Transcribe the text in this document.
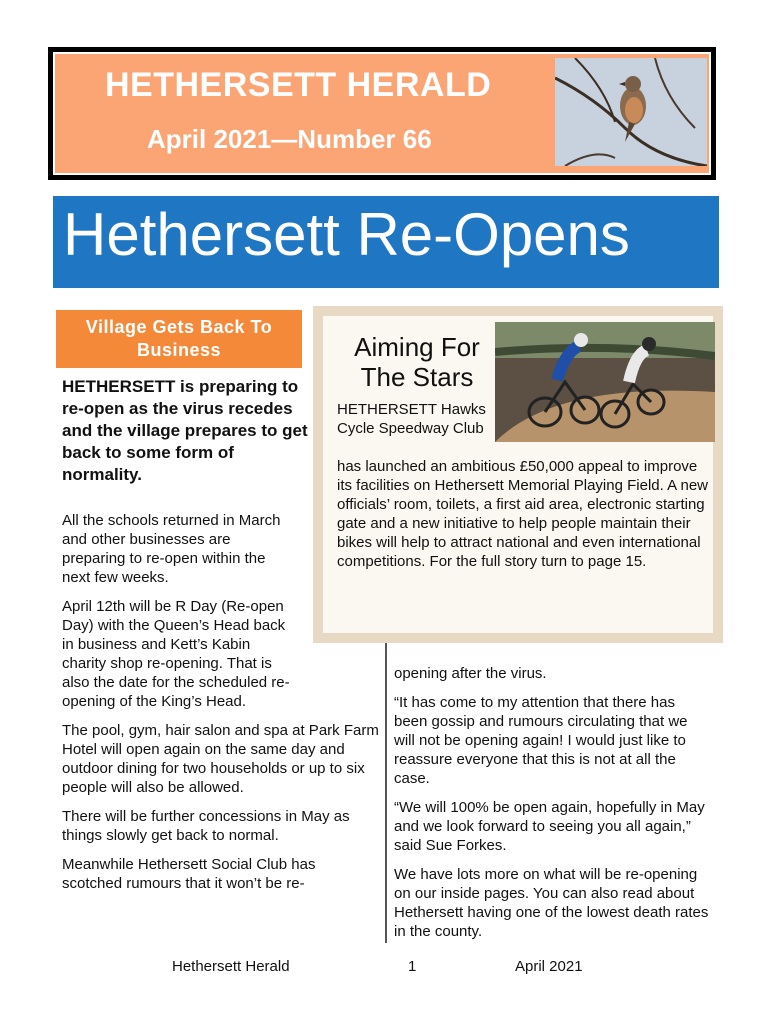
HETHERSETT HERALD
April 2021—Number 66
Hethersett Re-Opens
Village Gets Back To Business
HETHERSETT is preparing to re-open as the virus recedes and the village prepares to get back to some form of normality.

All the schools returned in March and other businesses are preparing to re-open within the next few weeks.

April 12th will be R Day (Re-open Day) with the Queen’s Head back in business and Kett’s Kabin charity shop re-opening. That is also the date for the scheduled re-opening of the King’s Head.

The pool, gym, hair salon and spa at Park Farm Hotel will open again on the same day and outdoor dining for two households or up to six people will also be allowed.

There will be further concessions in May as things slowly get back to normal.

Meanwhile Hethersett Social Club has scotched rumours that it won’t be re-

Aiming For The Stars
HETHERSETT Hawks Cycle Speedway Club
has launched an ambitious £50,000 appeal to improve its facilities on Hethersett Memorial Playing Field. A new officials’ room, toilets, a first aid area, electronic starting gate and a new initiative to help people maintain their bikes will help to attract national and even international competitions. For the full story turn to page 15.

opening after the virus.

“It has come to my attention that there has been gossip and rumours circulating that we will not be opening again! I would just like to reassure everyone that this is not at all the case.

“We will 100% be open again, hopefully in May and we look forward to seeing you all again,” said Sue Forkes.

We have lots more on what will be re-opening on our inside pages. You can also read about Hethersett having one of the lowest death rates in the county.

Hethersett Herald	1	April 2021
